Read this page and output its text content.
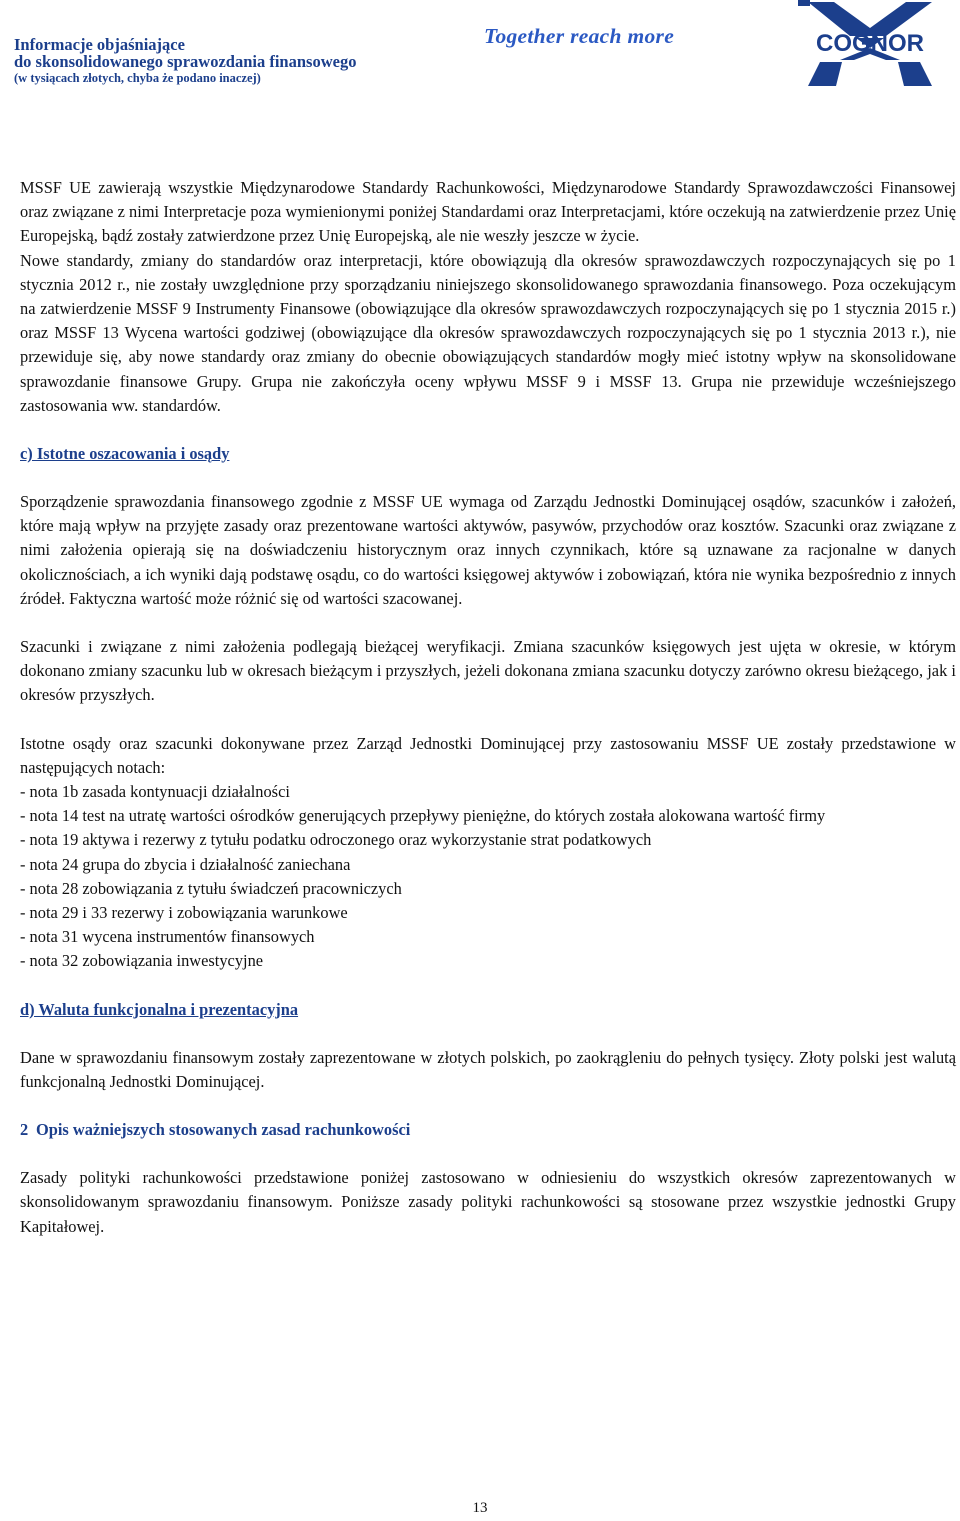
Informacje objaśniające
do skonsolidowanego sprawozdania finansowego
(w tysiącach złotych, chyba że podano inaczej)
Together reach more	COGNOR

MSSF UE zawierają wszystkie Międzynarodowe Standardy Rachunkowości, Międzynarodowe Standardy Sprawozdawczości Finansowej oraz związane z nimi Interpretacje poza wymienionymi poniżej Standardami oraz Interpretacjami, które oczekują na zatwierdzenie przez Unię Europejską, bądź zostały zatwierdzone przez Unię Europejską, ale nie weszły jeszcze w życie.

Nowe standardy, zmiany do standardów oraz interpretacji, które obowiązują dla okresów sprawozdawczych rozpoczynających się po 1 stycznia 2012 r., nie zostały uwzględnione przy sporządzaniu niniejszego skonsolidowanego sprawozdania finansowego. Poza oczekującym na zatwierdzenie MSSF 9 Instrumenty Finansowe (obowiązujące dla okresów sprawozdawczych rozpoczynających się po 1 stycznia 2015 r.) oraz MSSF 13 Wycena wartości godziwej (obowiązujące dla okresów sprawozdawczych rozpoczynających się po 1 stycznia 2013 r.), nie przewiduje się, aby nowe standardy oraz zmiany do obecnie obowiązujących standardów mogły mieć istotny wpływ na skonsolidowane sprawozdanie finansowe Grupy. Grupa nie zakończyła oceny wpływu MSSF 9 i MSSF 13. Grupa nie przewiduje wcześniejszego zastosowania ww. standardów.

c) Istotne oszacowania i osądy

Sporządzenie sprawozdania finansowego zgodnie z MSSF UE wymaga od Zarządu Jednostki Dominującej osądów, szacunków i założeń, które mają wpływ na przyjęte zasady oraz prezentowane wartości aktywów, pasywów, przychodów oraz kosztów. Szacunki oraz związane z nimi założenia opierają się na doświadczeniu historycznym oraz innych czynnikach, które są uznawane za racjonalne w danych okolicznościach, a ich wyniki dają podstawę osądu, co do wartości księgowej aktywów i zobowiązań, która nie wynika bezpośrednio z innych źródeł. Faktyczna wartość może różnić się od wartości szacowanej.

Szacunki i związane z nimi założenia podlegają bieżącej weryfikacji. Zmiana szacunków księgowych jest ujęta w okresie, w którym dokonano zmiany szacunku lub w okresach bieżącym i przyszłych, jeżeli dokonana zmiana szacunku dotyczy zarówno okresu bieżącego, jak i okresów przyszłych.

Istotne osądy oraz szacunki dokonywane przez Zarząd Jednostki Dominującej przy zastosowaniu MSSF UE zostały przedstawione w następujących notach:

- nota 1b zasada kontynuacji działalności

- nota 14 test na utratę wartości ośrodków generujących przepływy pieniężne, do których została alokowana wartość firmy

- nota 19 aktywa i rezerwy z tytułu podatku odroczonego oraz wykorzystanie strat podatkowych

- nota 24 grupa do zbycia i działalność zaniechana

- nota 28 zobowiązania z tytułu świadczeń pracowniczych

- nota 29 i 33 rezerwy i zobowiązania warunkowe

- nota 31 wycena instrumentów finansowych

- nota 32 zobowiązania inwestycyjne

d) Waluta funkcjonalna i prezentacyjna

Dane w sprawozdaniu finansowym zostały zaprezentowane w złotych polskich, po zaokrągleniu do pełnych tysięcy. Złoty polski jest walutą funkcjonalną Jednostki Dominującej.

2 Opis ważniejszych stosowanych zasad rachunkowości

Zasady polityki rachunkowości przedstawione poniżej zastosowano w odniesieniu do wszystkich okresów zaprezentowanych w skonsolidowanym sprawozdaniu finansowym. Poniższe zasady polityki rachunkowości są stosowane przez wszystkie jednostki Grupy Kapitałowej.

13
